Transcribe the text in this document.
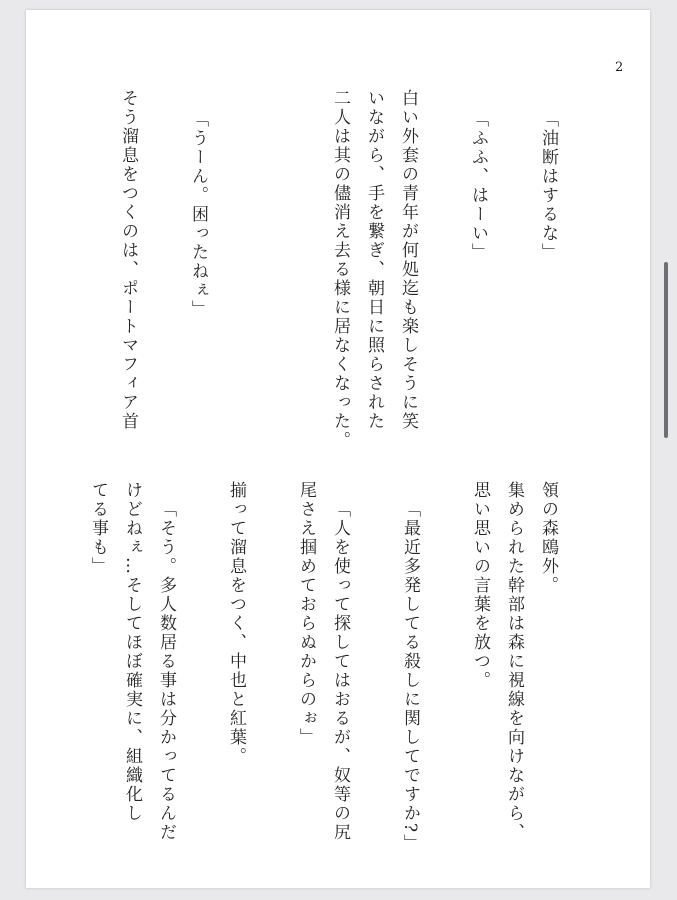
2
「油断はするな」
「ふふ、はーい」
白い外套の青年が何処迄も楽しそうに笑
いながら、手を繋ぎ、朝日に照らされた
二人は其の儘消え去る様に居なくなった。
「うーん。困ったねぇ」
そう溜息をつくのは、ポートマフィア首
領の森鴎外。
集められた幹部は森に視線を向けながら、
思い思いの言葉を放つ。
「最近多発してる殺しに関してですか?」
「人を使って探してはおるが、奴等の尻
尾さえ掴めておらぬからのぉ」
揃って溜息をつく、中也と紅葉。
「そう。多人数居る事は分かってるんだ
けどねぇ…そしてほぼ確実に、組織化し
てる事も」
